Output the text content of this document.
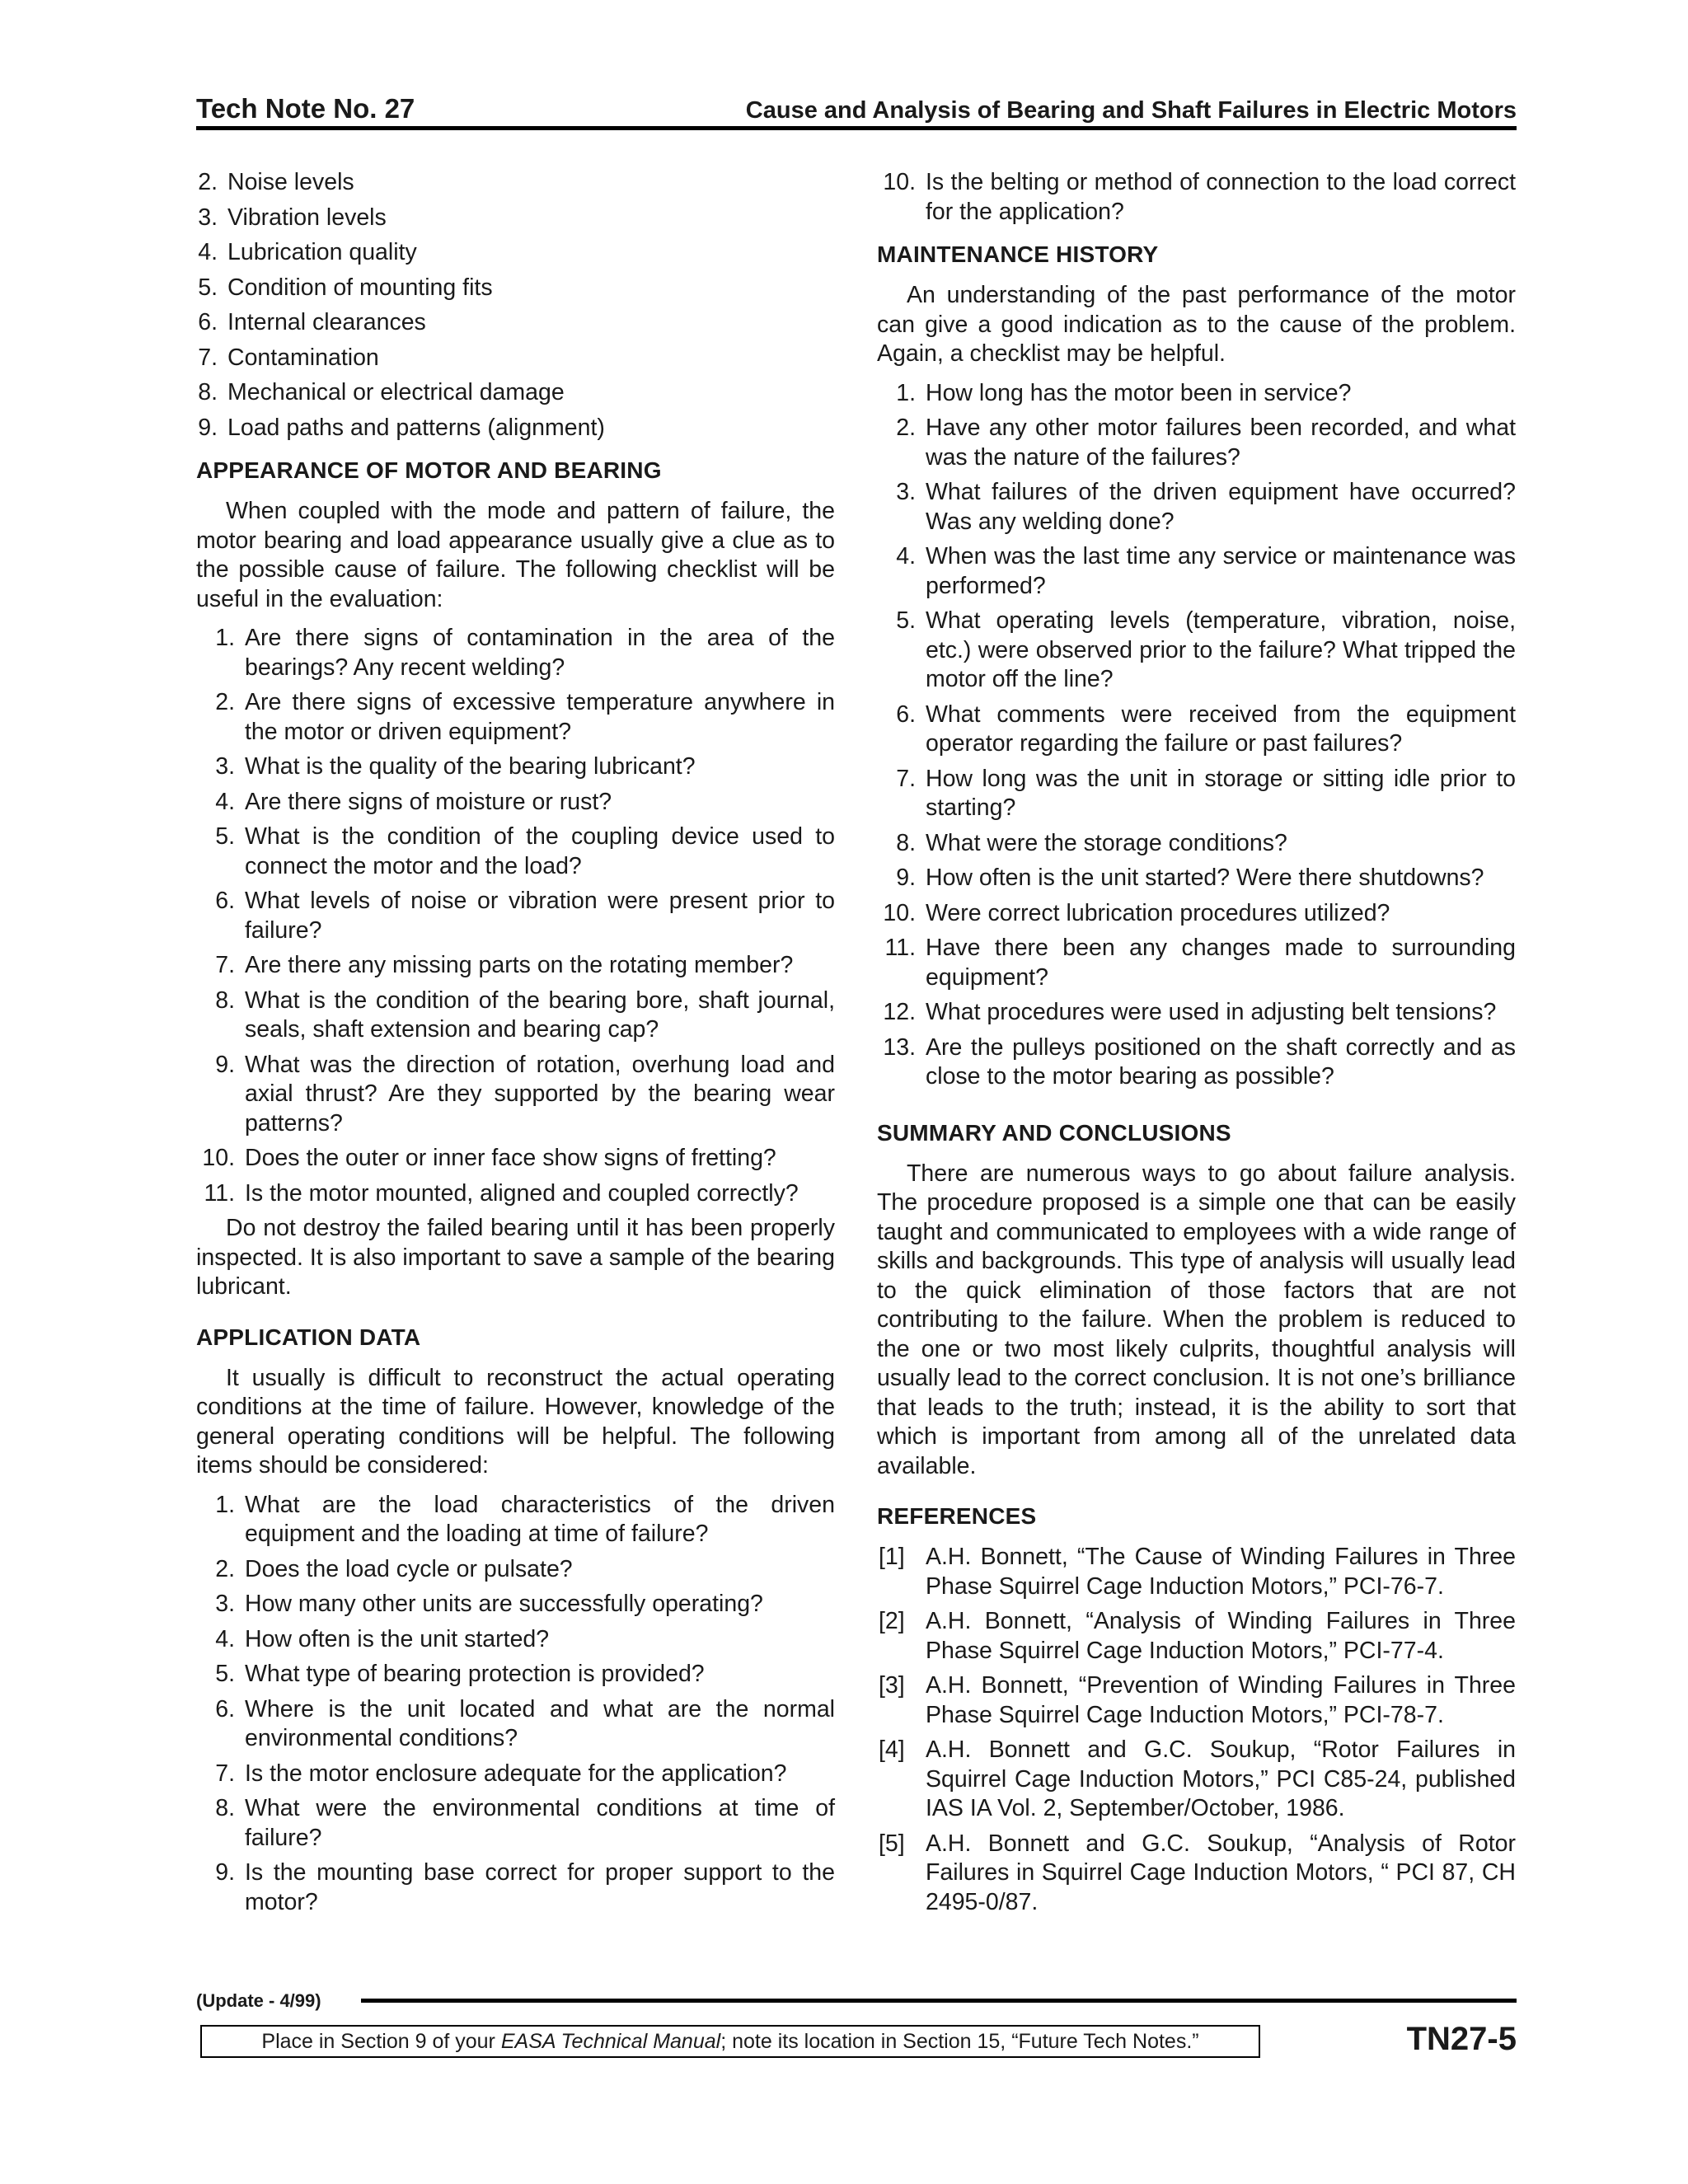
Tech Note No. 27	Cause and Analysis of Bearing and Shaft Failures in Electric Motors
2. Noise levels
3. Vibration levels
4. Lubrication quality
5. Condition of mounting fits
6. Internal clearances
7. Contamination
8. Mechanical or electrical damage
9. Load paths and patterns (alignment)
APPEARANCE OF MOTOR AND BEARING

When coupled with the mode and pattern of failure, the motor bearing and load appearance usually give a clue as to the possible cause of failure. The following checklist will be useful in the evaluation:

1. Are there signs of contamination in the area of the bearings? Any recent welding?
2. Are there signs of excessive temperature anywhere in the motor or driven equipment?
3. What is the quality of the bearing lubricant?
4. Are there signs of moisture or rust?
5. What is the condition of the coupling device used to connect the motor and the load?
6. What levels of noise or vibration were present prior to failure?
7. Are there any missing parts on the rotating member?
8. What is the condition of the bearing bore, shaft journal, seals, shaft extension and bearing cap?
9. What was the direction of rotation, overhung load and axial thrust? Are they supported by the bearing wear patterns?
10. Does the outer or inner face show signs of fretting?
11. Is the motor mounted, aligned and coupled correctly?

Do not destroy the failed bearing until it has been properly inspected. It is also important to save a sample of the bearing lubricant.

APPLICATION DATA

It usually is difficult to reconstruct the actual operating conditions at the time of failure. However, knowledge of the general operating conditions will be helpful. The following items should be considered:

1. What are the load characteristics of the driven equipment and the loading at time of failure?
2. Does the load cycle or pulsate?
3. How many other units are successfully operating?
4. How often is the unit started?
5. What type of bearing protection is provided?
6. Where is the unit located and what are the normal environmental conditions?
7. Is the motor enclosure adequate for the application?
8. What were the environmental conditions at time of failure?
9. Is the mounting base correct for proper support to the motor?
10. Is the belting or method of connection to the load correct for the application?
MAINTENANCE HISTORY

An understanding of the past performance of the motor can give a good indication as to the cause of the problem. Again, a checklist may be helpful.

1. How long has the motor been in service?
2. Have any other motor failures been recorded, and what was the nature of the failures?
3. What failures of the driven equipment have occurred? Was any welding done?
4. When was the last time any service or maintenance was performed?
5. What operating levels (temperature, vibration, noise, etc.) were observed prior to the failure? What tripped the motor off the line?
6. What comments were received from the equipment operator regarding the failure or past failures?
7. How long was the unit in storage or sitting idle prior to starting?
8. What were the storage conditions?
9. How often is the unit started? Were there shutdowns?
10. Were correct lubrication procedures utilized?
11. Have there been any changes made to surrounding equipment?
12. What procedures were used in adjusting belt tensions?
13. Are the pulleys positioned on the shaft correctly and as close to the motor bearing as possible?
SUMMARY AND CONCLUSIONS

There are numerous ways to go about failure analysis. The procedure proposed is a simple one that can be easily taught and communicated to employees with a wide range of skills and backgrounds. This type of analysis will usually lead to the quick elimination of those factors that are not contributing to the failure. When the problem is reduced to the one or two most likely culprits, thoughtful analysis will usually lead to the correct conclusion. It is not one’s brilliance that leads to the truth; instead, it is the ability to sort that which is important from among all of the unrelated data available.

REFERENCES
[1] A.H. Bonnett, “The Cause of Winding Failures in Three Phase Squirrel Cage Induction Motors,” PCI-76-7.
[2] A.H. Bonnett, “Analysis of Winding Failures in Three Phase Squirrel Cage Induction Motors,” PCI-77-4.
[3] A.H. Bonnett, “Prevention of Winding Failures in Three Phase Squirrel Cage Induction Motors,” PCI-78-7.
[4] A.H. Bonnett and G.C. Soukup, “Rotor Failures in Squirrel Cage Induction Motors,” PCI C85-24, published IAS IA Vol. 2, September/October, 1986.
[5] A.H. Bonnett and G.C. Soukup, “Analysis of Rotor Failures in Squirrel Cage Induction Motors, “ PCI 87, CH 2495-0/87.
(Update - 4/99)
Place in Section 9 of your EASA Technical Manual; note its location in Section 15, “Future Tech Notes.”	TN27-5
